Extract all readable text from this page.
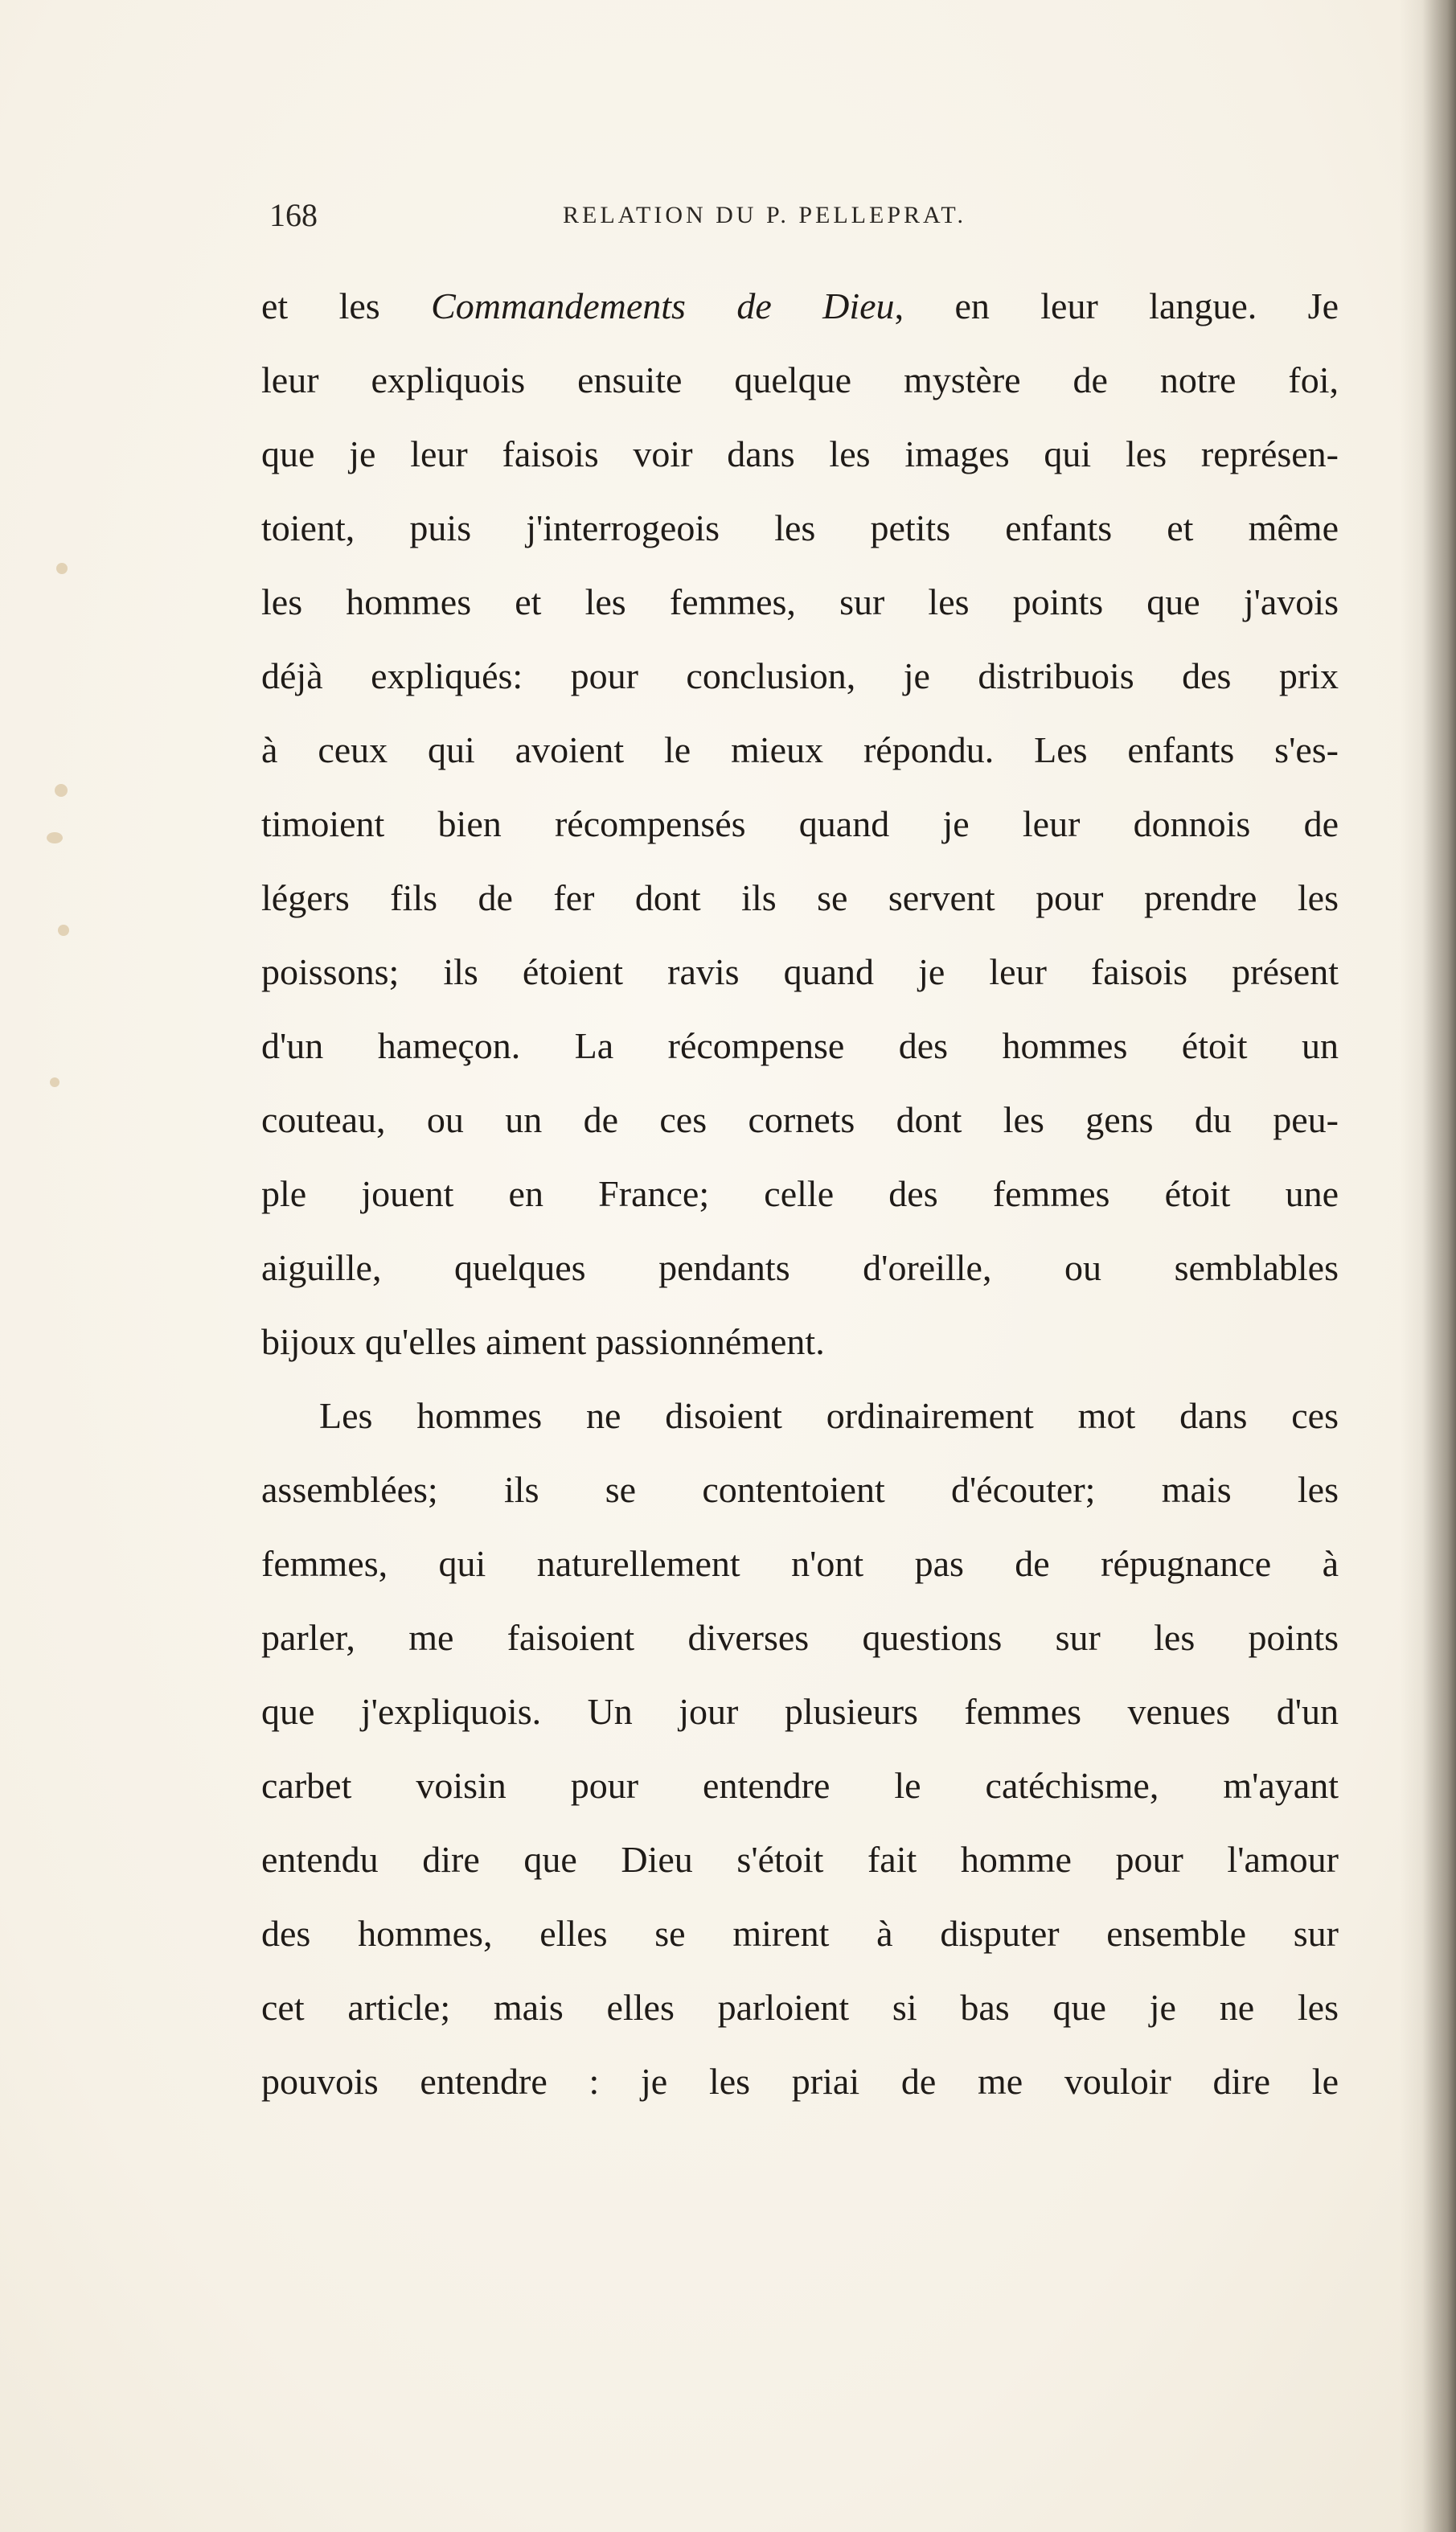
168	RELATION DU P. PELLEPRAT.
et les Commandements de Dieu, en leur langue. Je
leur expliquois ensuite quelque mystère de notre foi,
que je leur faisois voir dans les images qui les représen-
toient, puis j'interrogeois les petits enfants et même
les hommes et les femmes, sur les points que j'avois
déjà expliqués: pour conclusion, je distribuois des prix
à ceux qui avoient le mieux répondu. Les enfants s'es-
timoient bien récompensés quand je leur donnois de
légers fils de fer dont ils se servent pour prendre les
poissons; ils étoient ravis quand je leur faisois présent
d'un hameçon. La récompense des hommes étoit un
couteau, ou un de ces cornets dont les gens du peu-
ple jouent en France; celle des femmes étoit une
aiguille, quelques pendants d'oreille, ou semblables
bijoux qu'elles aiment passionnément.
Les hommes ne disoient ordinairement mot dans ces
assemblées; ils se contentoient d'écouter; mais les
femmes, qui naturellement n'ont pas de répugnance à
parler, me faisoient diverses questions sur les points
que j'expliquois. Un jour plusieurs femmes venues d'un
carbet voisin pour entendre le catéchisme, m'ayant
entendu dire que Dieu s'étoit fait homme pour l'amour
des hommes, elles se mirent à disputer ensemble sur
cet article; mais elles parloient si bas que je ne les
pouvois entendre : je les priai de me vouloir dire le
